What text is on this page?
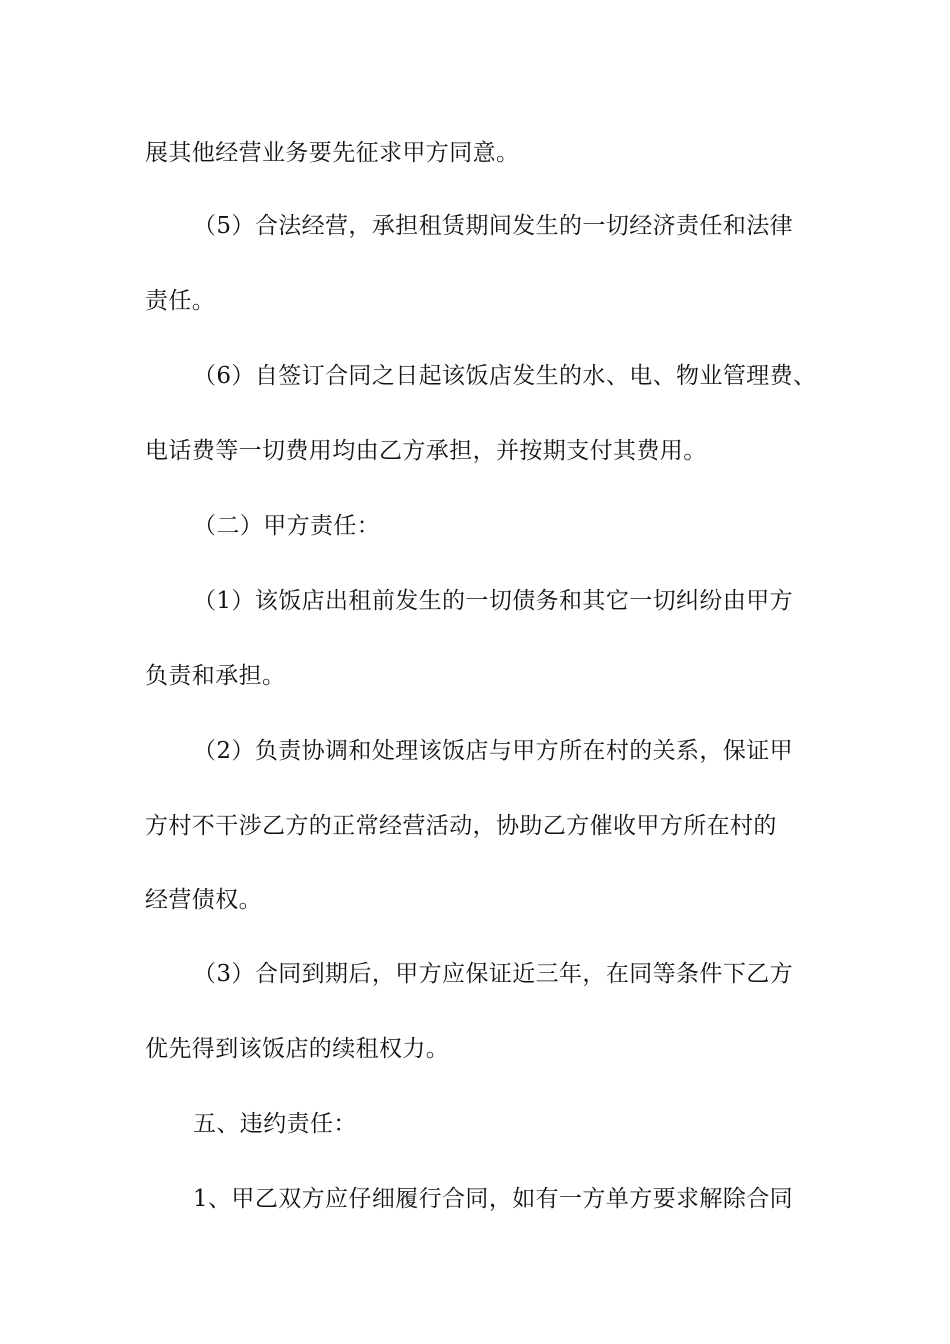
展其他经营业务要先征求甲方同意。
（5）合法经营，承担租赁期间发生的一切经济责任和法律
责任。
（6）自签订合同之日起该饭店发生的水、电、物业管理费、
电话费等一切费用均由乙方承担，并按期支付其费用。
（二）甲方责任：
（1）该饭店出租前发生的一切债务和其它一切纠纷由甲方
负责和承担。
（2）负责协调和处理该饭店与甲方所在村的关系，保证甲
方村不干涉乙方的正常经营活动，协助乙方催收甲方所在村的
经营债权。
（3）合同到期后，甲方应保证近三年，在同等条件下乙方
优先得到该饭店的续租权力。
五、违约责任：
1、甲乙双方应仔细履行合同，如有一方单方要求解除合同
